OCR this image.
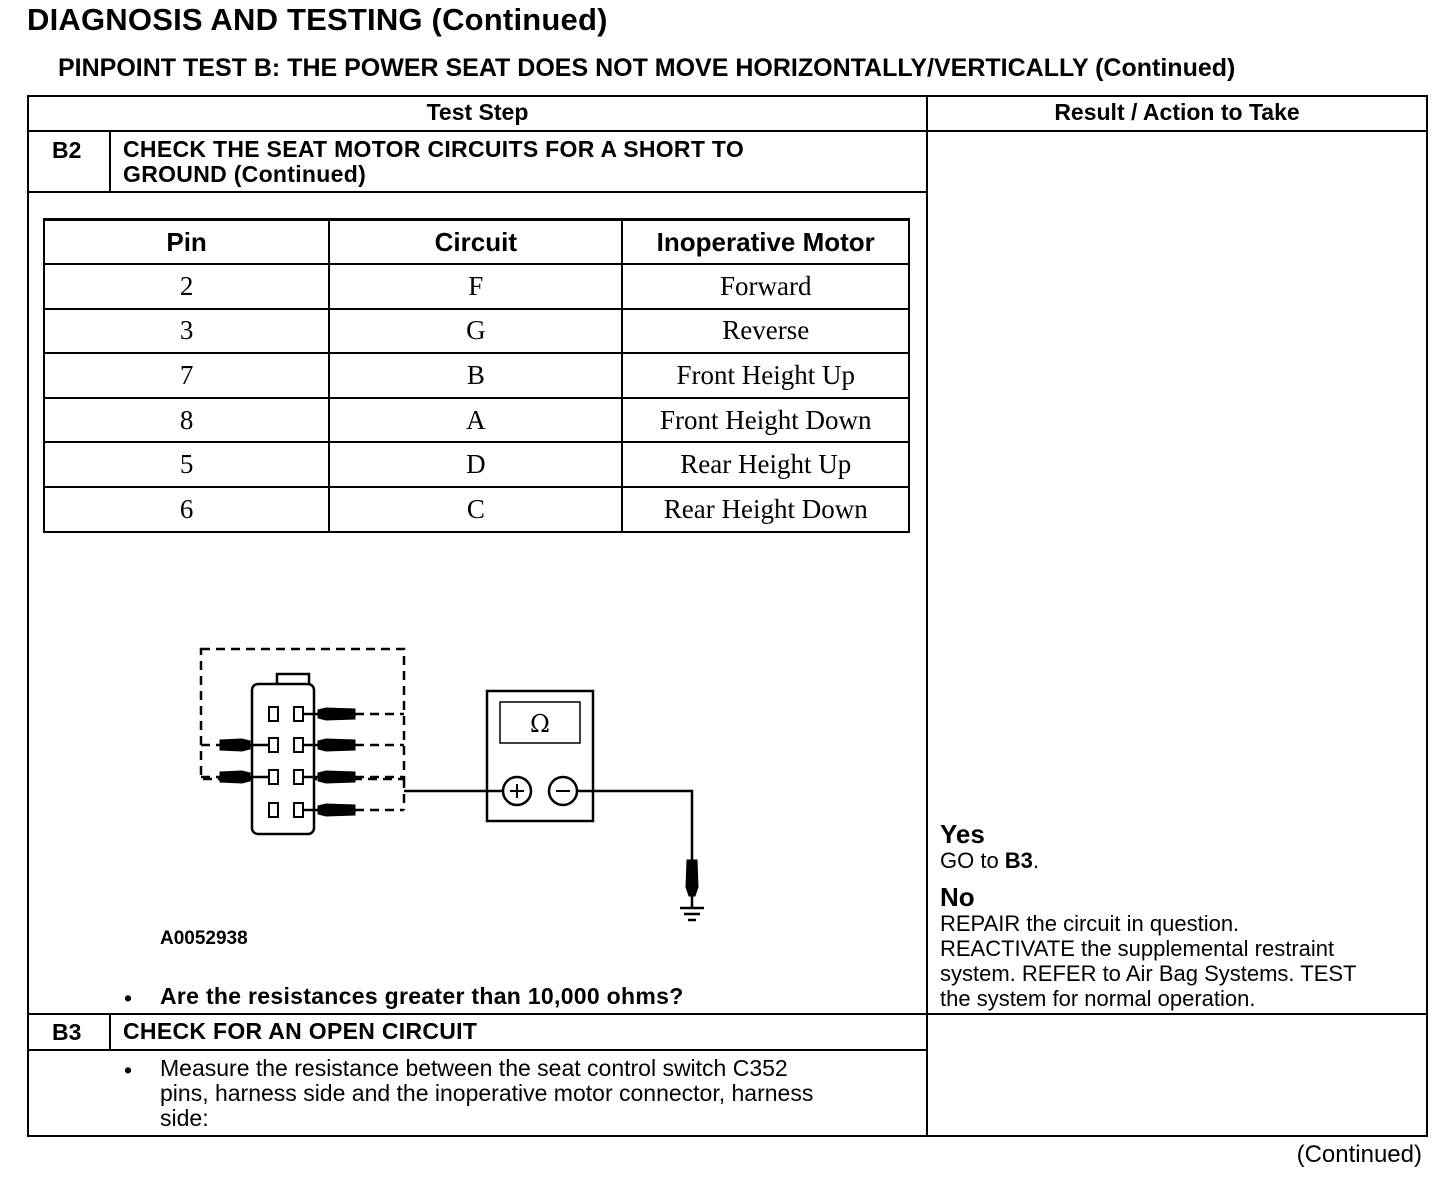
DIAGNOSIS AND TESTING (Continued)
PINPOINT TEST B: THE POWER SEAT DOES NOT MOVE HORIZONTALLY/VERTICALLY (Continued)
Test Step	Result / Action to Take
B2 CHECK THE SEAT MOTOR CIRCUITS FOR A SHORT TO
GROUND (Continued)
Pin	Circuit	Inoperative Motor
2	F	Forward
3	G	Reverse
7	B	Front Height Up
8	A	Front Height Down
5	D	Rear Height Up
6	C	Rear Height Down
Ω
A0052938
• Are the resistances greater than 10,000 ohms?
Yes
GO to B3.
No
REPAIR the circuit in question.
REACTIVATE the supplemental restraint
system. REFER to Air Bag Systems. TEST
the system for normal operation.
B3 CHECK FOR AN OPEN CIRCUIT
• Measure the resistance between the seat control switch C352
pins, harness side and the inoperative motor connector, harness
side:
(Continued)
